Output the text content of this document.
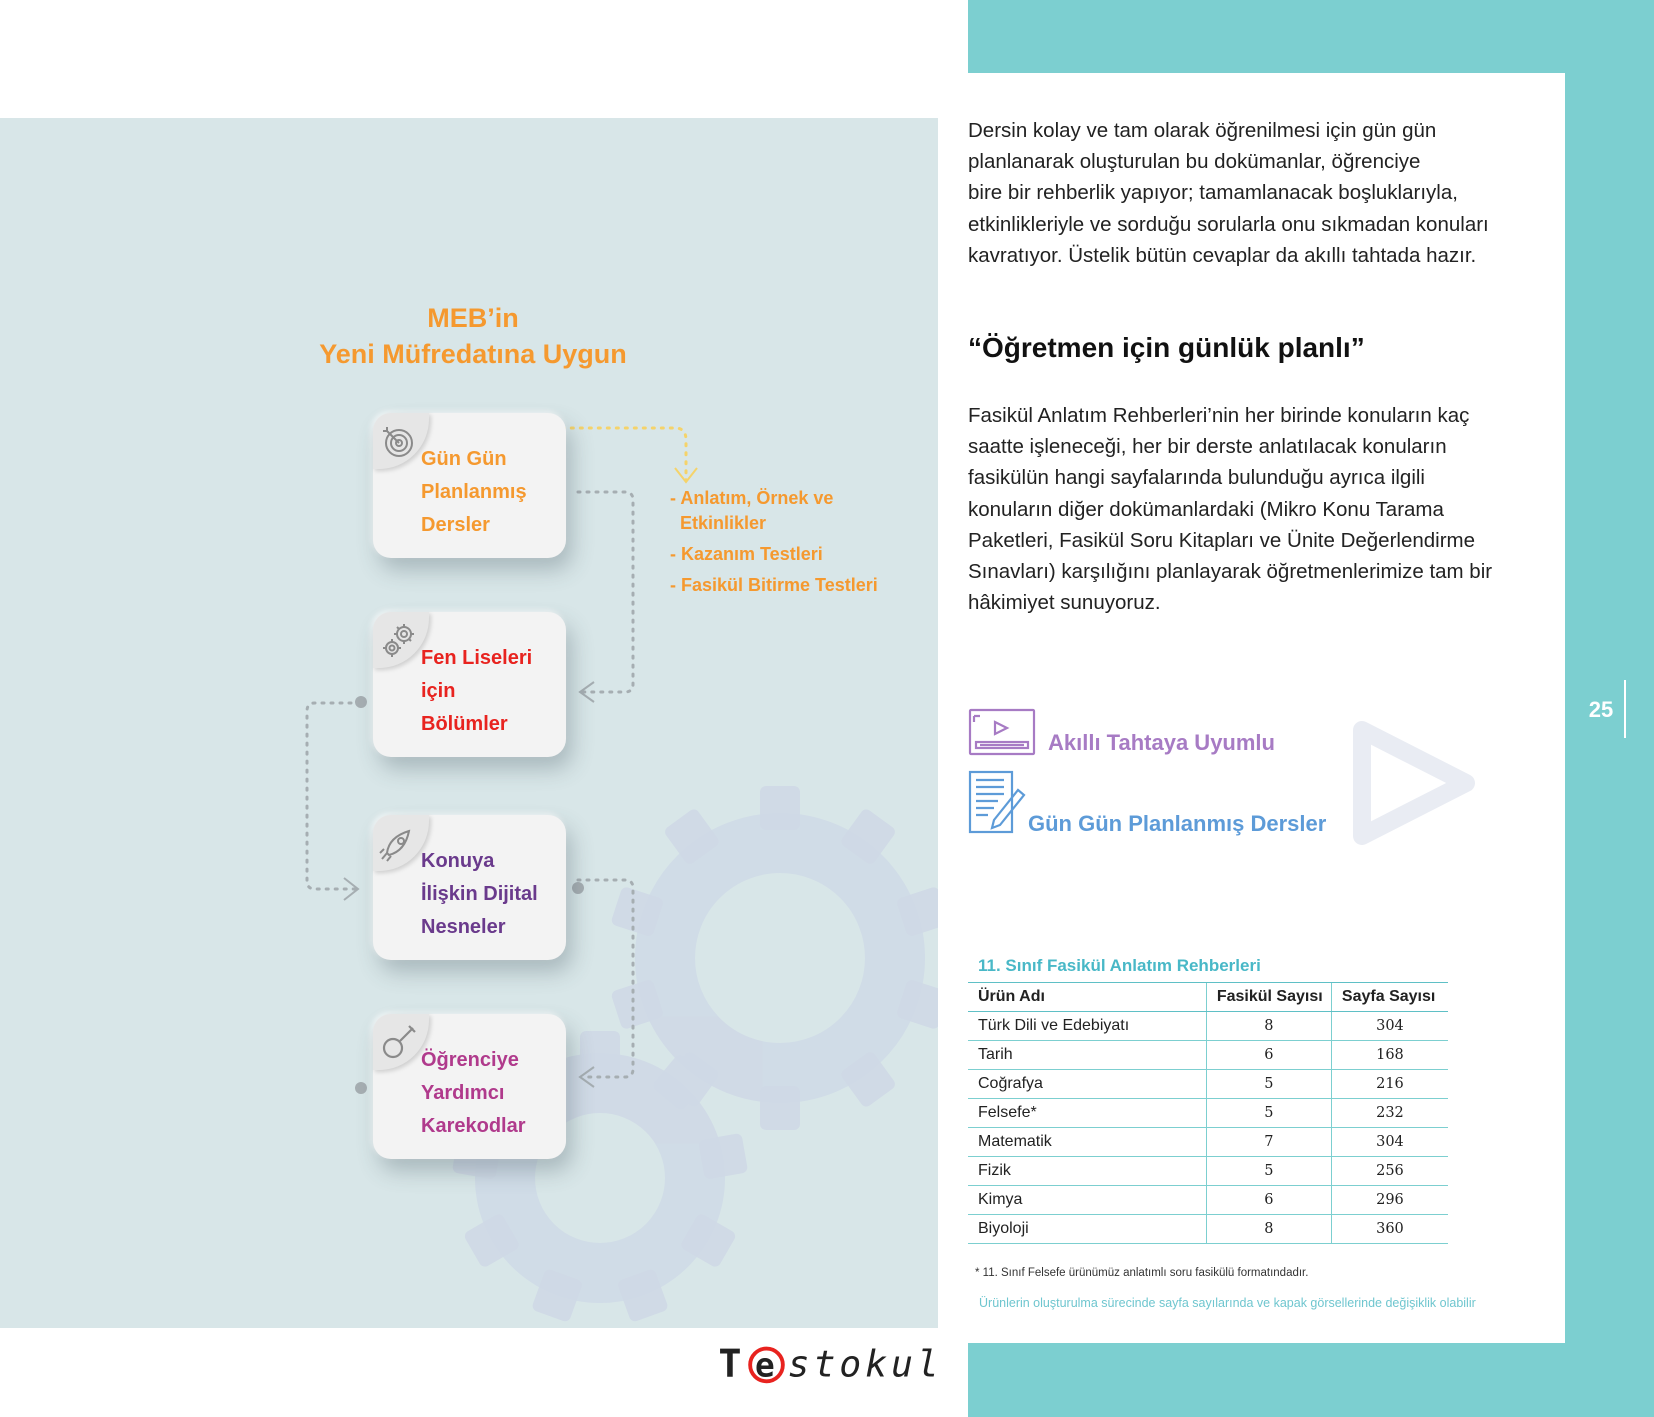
MEB’in
Yeni Müfredatına Uygun
Gün Gün
Planlanmış
Dersler
Fen Liseleri
için
Bölümler
Konuya
İlişkin Dijital
Nesneler
Öğrenciye
Yardımcı
Karekodlar
- Anlatım, Örnek ve
Etkinlikler
- Kazanım Testleri
- Fasikül Bitirme Testleri
Dersin kolay ve tam olarak öğrenilmesi için gün gün
planlanarak oluşturulan bu dokümanlar, öğrenciye
bire bir rehberlik yapıyor; tamamlanacak boşluklarıyla,
etkinlikleriyle ve sorduğu sorularla onu sıkmadan konuları
kavratıyor. Üstelik bütün cevaplar da akıllı tahtada hazır.
“Öğretmen için günlük planlı”
Fasikül Anlatım Rehberleri’nin her birinde konuların kaç
saatte işleneceği, her bir derste anlatılacak konuların
fasikülün hangi sayfalarında bulunduğu ayrıca ilgili
konuların diğer dokümanlardaki (Mikro Konu Tarama
Paketleri, Fasikül Soru Kitapları ve Ünite Değerlendirme
Sınavları) karşılığını planlayarak öğretmenlerimize tam bir
hâkimiyet sunuyoruz.
Akıllı Tahtaya Uyumlu
Gün Gün Planlanmış Dersler
25
11. Sınıf Fasikül Anlatım Rehberleri
Ürün Adı	Fasikül Sayısı	Sayfa Sayısı
Türk Dili ve Edebiyatı	8	304
Tarih	6	168
Coğrafya	5	216
Felsefe*	5	232
Matematik	7	304
Fizik	5	256
Kimya	6	296
Biyoloji	8	360
* 11. Sınıf Felsefe ürünümüz anlatımlı soru fasikülü formatındadır.
Ürünlerin oluşturulma sürecinde sayfa sayılarında ve kapak görsellerinde değişiklik olabilir
T e stokul
